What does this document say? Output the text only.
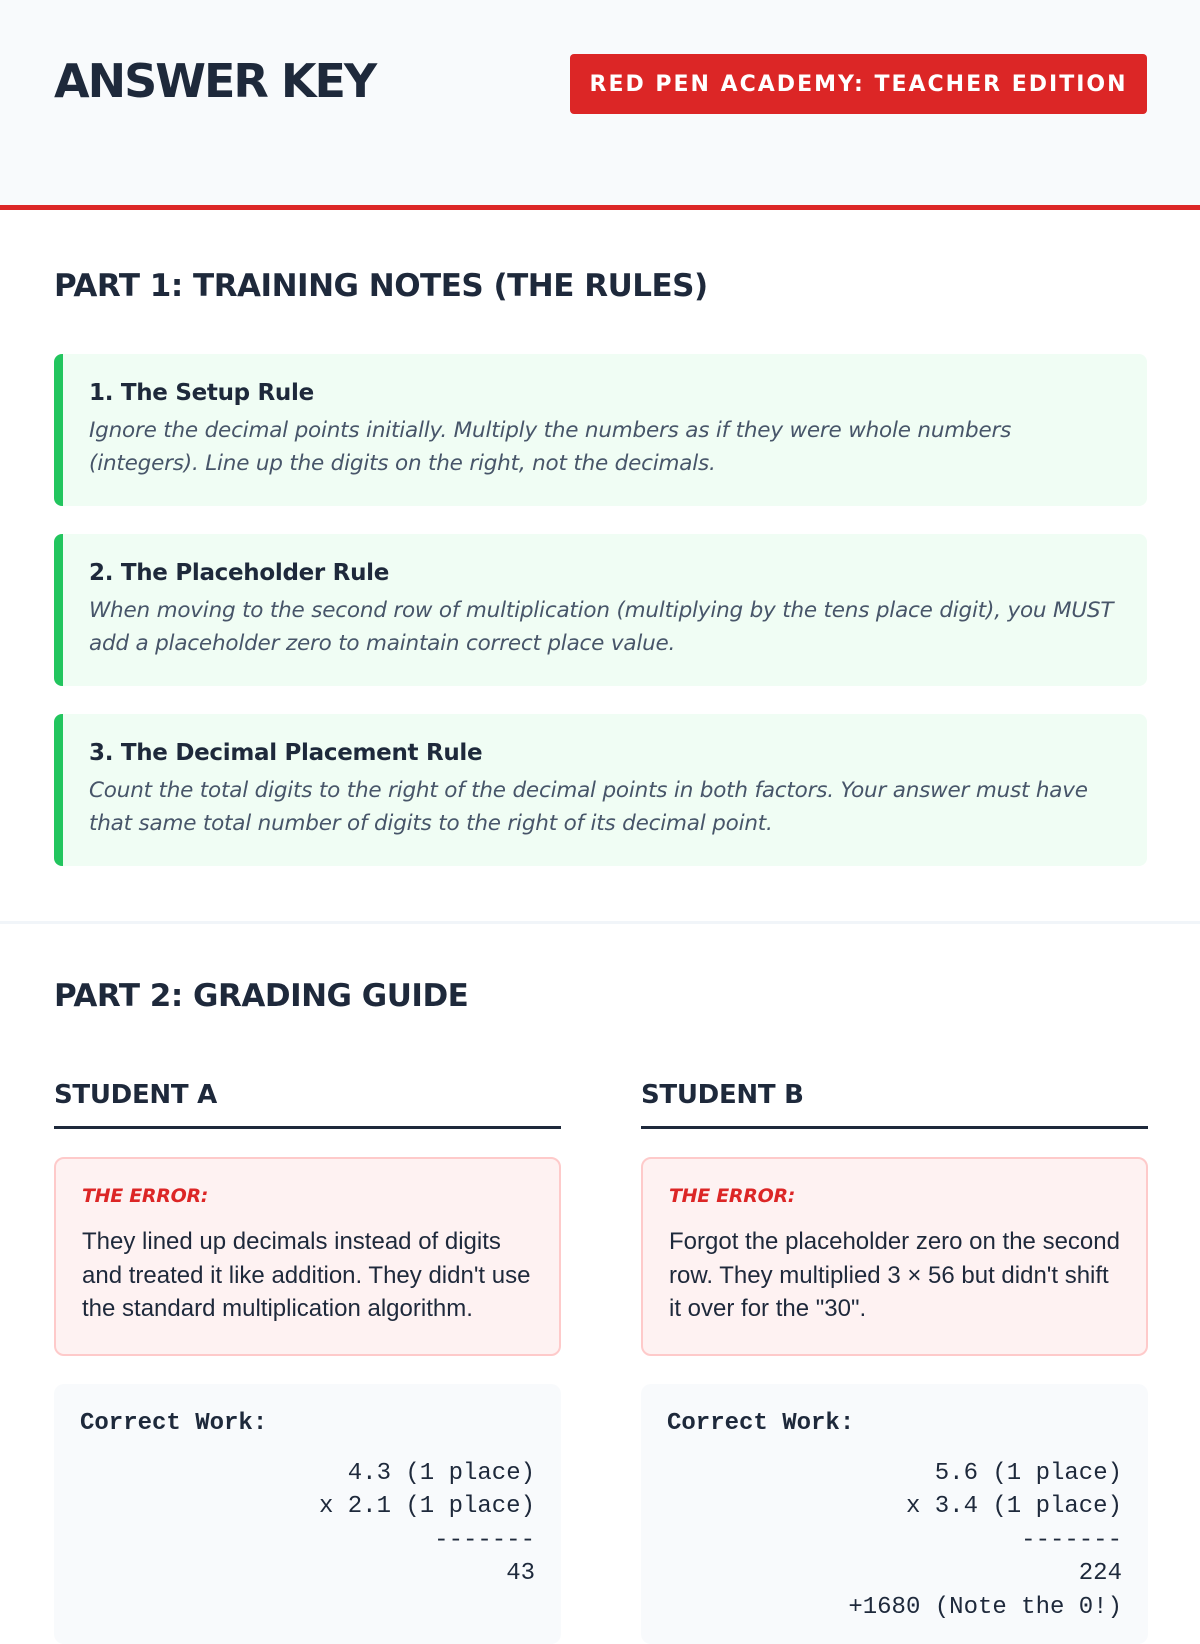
ANSWER KEY	RED PEN ACADEMY: TEACHER EDITION
PART 1: TRAINING NOTES (THE RULES)
1. The Setup Rule
Ignore the decimal points initially. Multiply the numbers as if they were whole numbers (integers). Line up the digits on the right, not the decimals.
2. The Placeholder Rule
When moving to the second row of multiplication (multiplying by the tens place digit), you MUST add a placeholder zero to maintain correct place value.
3. The Decimal Placement Rule
Count the total digits to the right of the decimal points in both factors. Your answer must have that same total number of digits to the right of its decimal point.
PART 2: GRADING GUIDE
STUDENT A
THE ERROR:
They lined up decimals instead of digits and treated it like addition. They didn't use the standard multiplication algorithm.
Correct Work:
4.3 (1 place)
x 2.1 (1 place)
-------
43
STUDENT B
THE ERROR:
Forgot the placeholder zero on the second row. They multiplied 3 × 56 but didn't shift it over for the "30".
Correct Work:
5.6 (1 place)
x 3.4 (1 place)
-------
224
+1680 (Note the 0!)
